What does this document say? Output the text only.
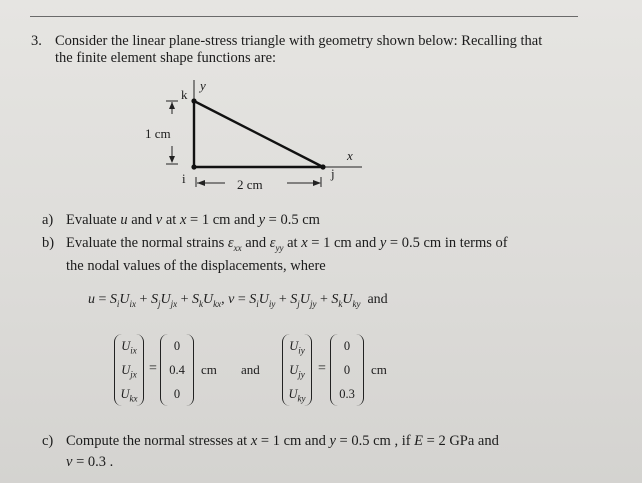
3. Consider the linear plane-stress triangle with geometry shown below: Recalling that
the finite element shape functions are:
y
k
1 cm
x
i	j
2 cm
a) Evaluate u and v at x = 1 cm and y = 0.5 cm
b) Evaluate the normal strains $\varepsilon_{xx}$ and $\varepsilon_{yy}$ at x = 1 cm and y = 0.5 cm in terms of
the nodal values of the displacements, where
$u = S_iU_{ix} + S_jU_{jx} + S_kU_{kx}$, $v = S_iU_{iy} + S_jU_{jy} + S_kU_{ky}$ and
$U_{ix}$
$U_{jx}$
$U_{kx}$
=
0
0.4
0
cm and
$U_{iy}$
$U_{jy}$
$U_{ky}$
=
0
0
0.3
cm
c) Compute the normal stresses at x = 1 cm and y = 0.5 cm , if E = 2 GPa and
v = 0.3 .
